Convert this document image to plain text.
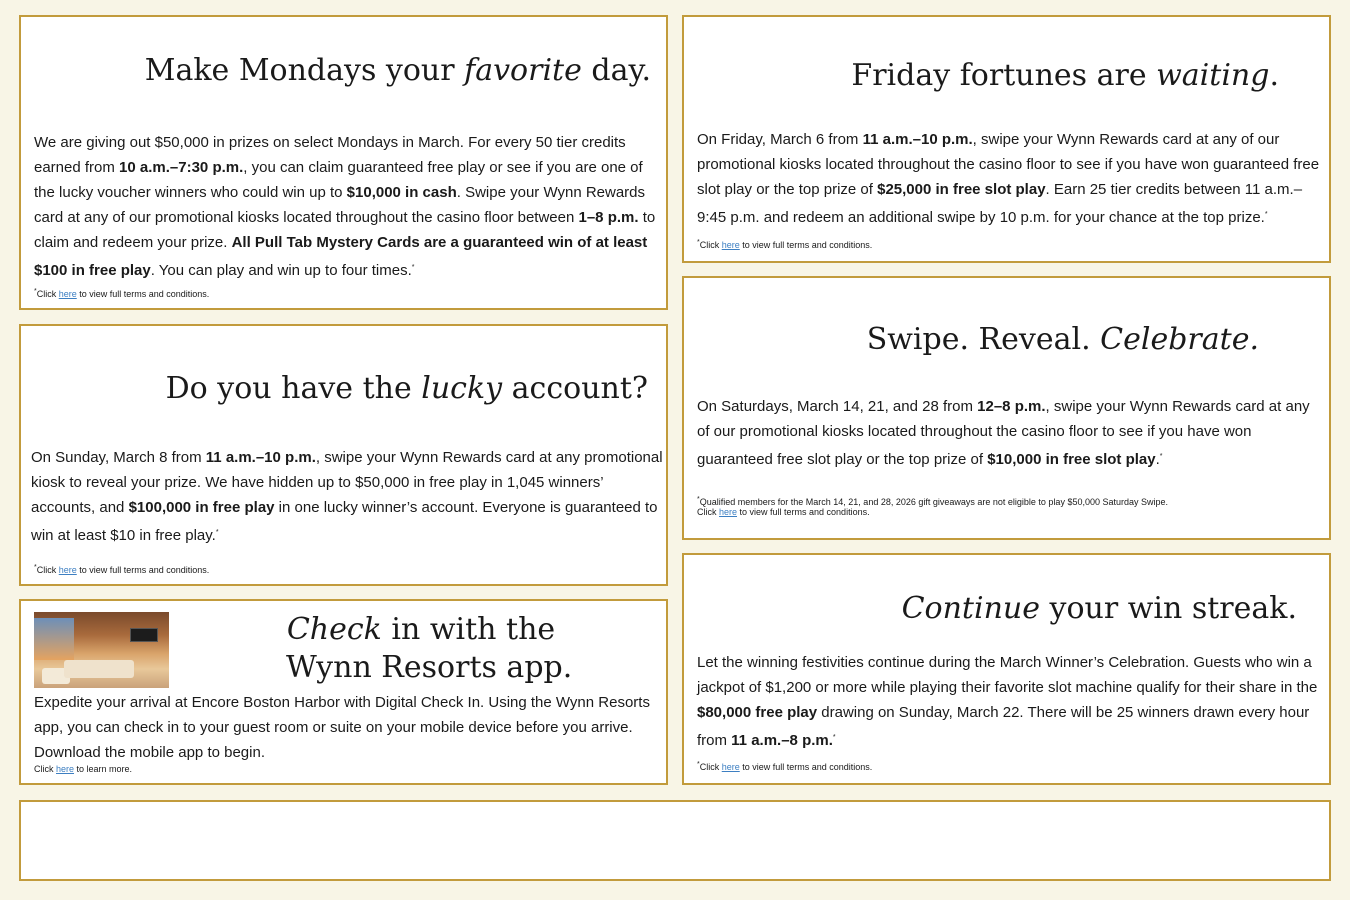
Make Mondays your favorite day.
We are giving out $50,000 in prizes on select Mondays in March. For every 50 tier credits earned from 10 a.m.–7:30 p.m., you can claim guaranteed free play or see if you are one of the lucky voucher winners who could win up to $10,000 in cash. Swipe your Wynn Rewards card at any of our promotional kiosks located throughout the casino floor between 1–8 p.m. to claim and redeem your prize. All Pull Tab Mystery Cards are a guaranteed win of at least $100 in free play. You can play and win up to four times.*
*Click here to view full terms and conditions.
Do you have the lucky account?
On Sunday, March 8 from 11 a.m.–10 p.m., swipe your Wynn Rewards card at any promotional kiosk to reveal your prize. We have hidden up to $50,000 in free play in 1,045 winners’ accounts, and $100,000 in free play in one lucky winner’s account. Everyone is guaranteed to win at least $10 in free play.*
*Click here to view full terms and conditions.
Check in with the
Wynn Resorts app.
Expedite your arrival at Encore Boston Harbor with Digital Check In. Using the Wynn Resorts app, you can check in to your guest room or suite on your mobile device before you arrive. Download the mobile app to begin.
Click here to learn more.
Friday fortunes are waiting.
On Friday, March 6 from 11 a.m.–10 p.m., swipe your Wynn Rewards card at any of our promotional kiosks located throughout the casino floor to see if you have won guaranteed free slot play or the top prize of $25,000 in free slot play. Earn 25 tier credits between 11 a.m.–9:45 p.m. and redeem an additional swipe by 10 p.m. for your chance at the top prize.*
*Click here to view full terms and conditions.
Swipe. Reveal. Celebrate.
On Saturdays, March 14, 21, and 28 from 12–8 p.m., swipe your Wynn Rewards card at any of our promotional kiosks located throughout the casino floor to see if you have won guaranteed free slot play or the top prize of $10,000 in free slot play.*
*Qualified members for the March 14, 21, and 28, 2026 gift giveaways are not eligible to play $50,000 Saturday Swipe.
Click here to view full terms and conditions.
Continue your win streak.
Let the winning festivities continue during the March Winner’s Celebration. Guests who win a jackpot of $1,200 or more while playing their favorite slot machine qualify for their share in the $80,000 free play drawing on Sunday, March 22. There will be 25 winners drawn every hour from 11 a.m.–8 p.m.*
*Click here to view full terms and conditions.
